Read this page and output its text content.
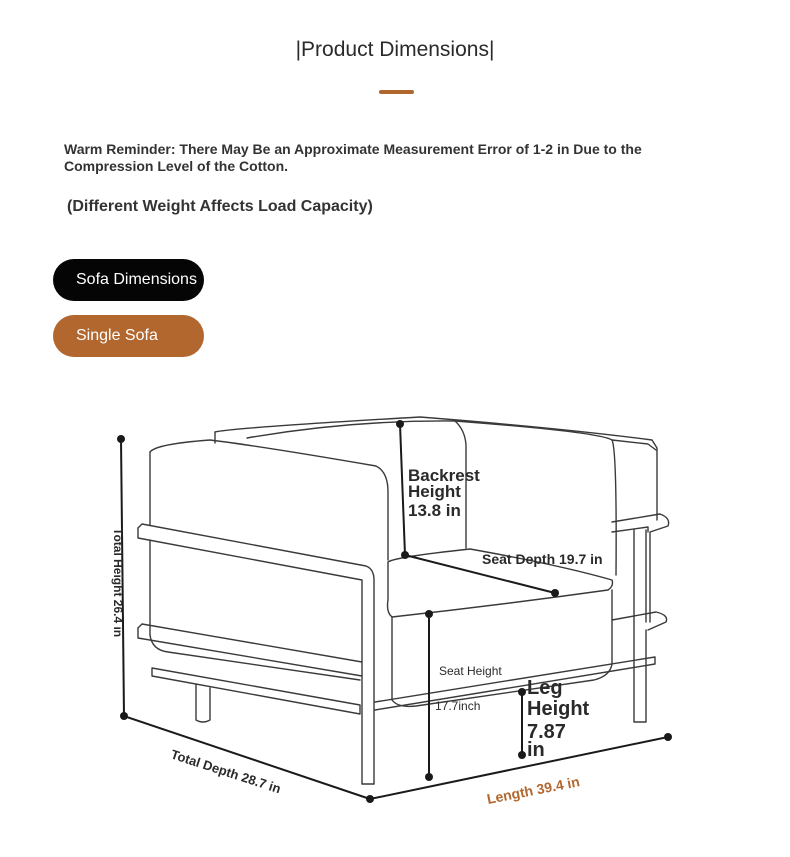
|Product Dimensions|
Warm Reminder: There May Be an Approximate Measurement Error of 1-2 in Due to the Compression Level of the Cotton.
(Different Weight Affects Load Capacity)
Sofa Dimensions
Single Sofa
Backrest
Height
13.8 in
Seat Depth 19.7 in
Total Height 26.4 in
Seat Height
17.7inch
Leg
Height
7.87
in
Total Depth 28.7 in	Length 39.4 in
